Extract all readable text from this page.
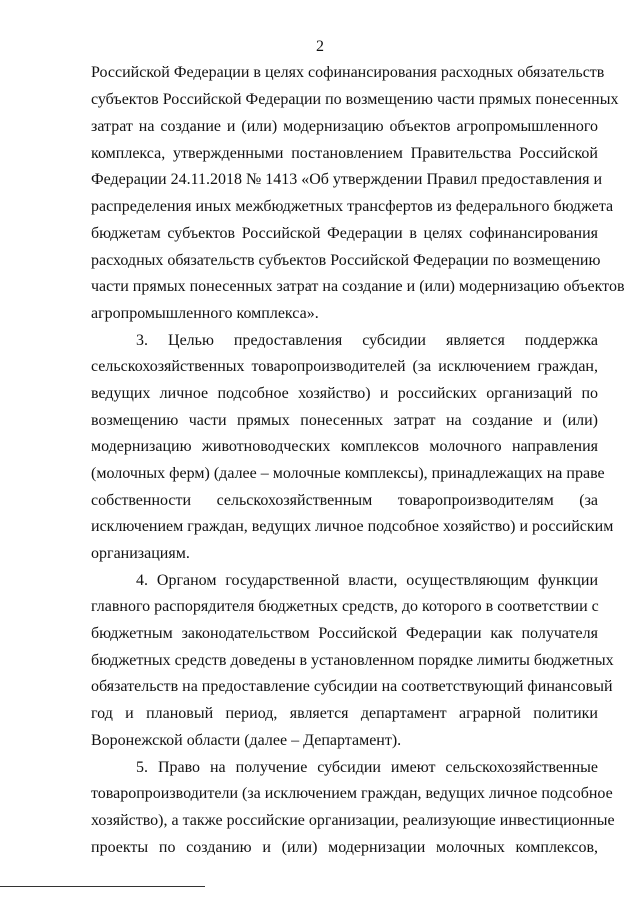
2
Российской Федерации в целях софинансирования расходных обязательств
субъектов Российской Федерации по возмещению части прямых понесенных
затрат на создание и (или) модернизацию объектов агропромышленного
комплекса, утвержденными постановлением Правительства Российской
Федерации 24.11.2018 № 1413 «Об утверждении Правил предоставления и
распределения иных межбюджетных трансфертов из федерального бюджета
бюджетам субъектов Российской Федерации в целях софинансирования
расходных обязательств субъектов Российской Федерации по возмещению
части прямых понесенных затрат на создание и (или) модернизацию объектов
агропромышленного комплекса».
3. Целью предоставления субсидии является поддержка
сельскохозяйственных товаропроизводителей (за исключением граждан,
ведущих личное подсобное хозяйство) и российских организаций по
возмещению части прямых понесенных затрат на создание и (или)
модернизацию животноводческих комплексов молочного направления
(молочных ферм) (далее – молочные комплексы), принадлежащих на праве
собственности сельскохозяйственным товаропроизводителям (за
исключением граждан, ведущих личное подсобное хозяйство) и российским
организациям.
4. Органом государственной власти, осуществляющим функции
главного распорядителя бюджетных средств, до которого в соответствии с
бюджетным законодательством Российской Федерации как получателя
бюджетных средств доведены в установленном порядке лимиты бюджетных
обязательств на предоставление субсидии на соответствующий финансовый
год и плановый период, является департамент аграрной политики
Воронежской области (далее – Департамент).
5. Право на получение субсидии имеют сельскохозяйственные
товаропроизводители (за исключением граждан, ведущих личное подсобное
хозяйство), а также российские организации, реализующие инвестиционные
проекты по созданию и (или) модернизации молочных комплексов,
